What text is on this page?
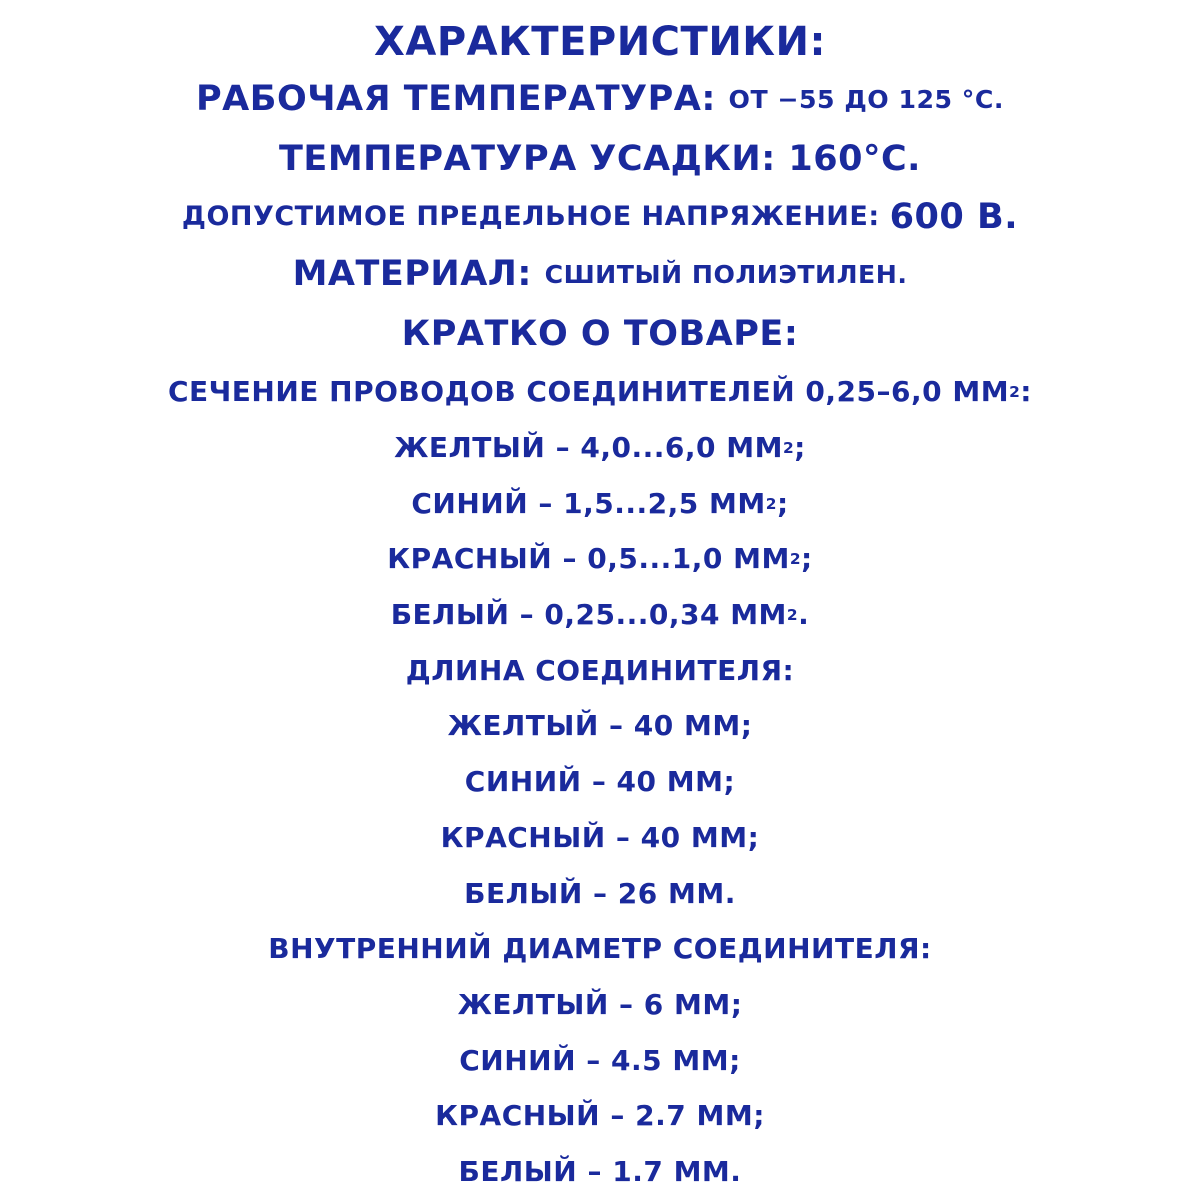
ХАРАКТЕРИСТИКИ:
РАБОЧАЯ ТЕМПЕРАТУРА:
ОТ −55 ДО 125 °C.
ТЕМПЕРАТУРА УСАДКИ: 160°C.
ДОПУСТИМОЕ ПРЕДЕЛЬНОЕ НАПРЯЖЕНИЕ:
600 В.
МАТЕРИАЛ:
СШИТЫЙ ПОЛИЭТИЛЕН.
КРАТКО О ТОВАРЕ:
СЕЧЕНИЕ ПРОВОДОВ СОЕДИНИТЕЛЕЙ 0,25–6,0 ММ 2 :
ЖЕЛТЫЙ – 4,0...6,0 ММ 2 ;
СИНИЙ – 1,5...2,5 ММ 2 ;
КРАСНЫЙ – 0,5...1,0 ММ 2 ;
БЕЛЫЙ – 0,25...0,34 ММ 2 .
ДЛИНА СОЕДИНИТЕЛЯ:
ЖЕЛТЫЙ – 40 ММ;
СИНИЙ – 40 ММ;
КРАСНЫЙ – 40 ММ;
БЕЛЫЙ – 26 ММ.
ВНУТРЕННИЙ ДИАМЕТР СОЕДИНИТЕЛЯ:
ЖЕЛТЫЙ – 6 ММ;
СИНИЙ – 4.5 ММ;
КРАСНЫЙ – 2.7 ММ;
БЕЛЫЙ – 1.7 ММ.
